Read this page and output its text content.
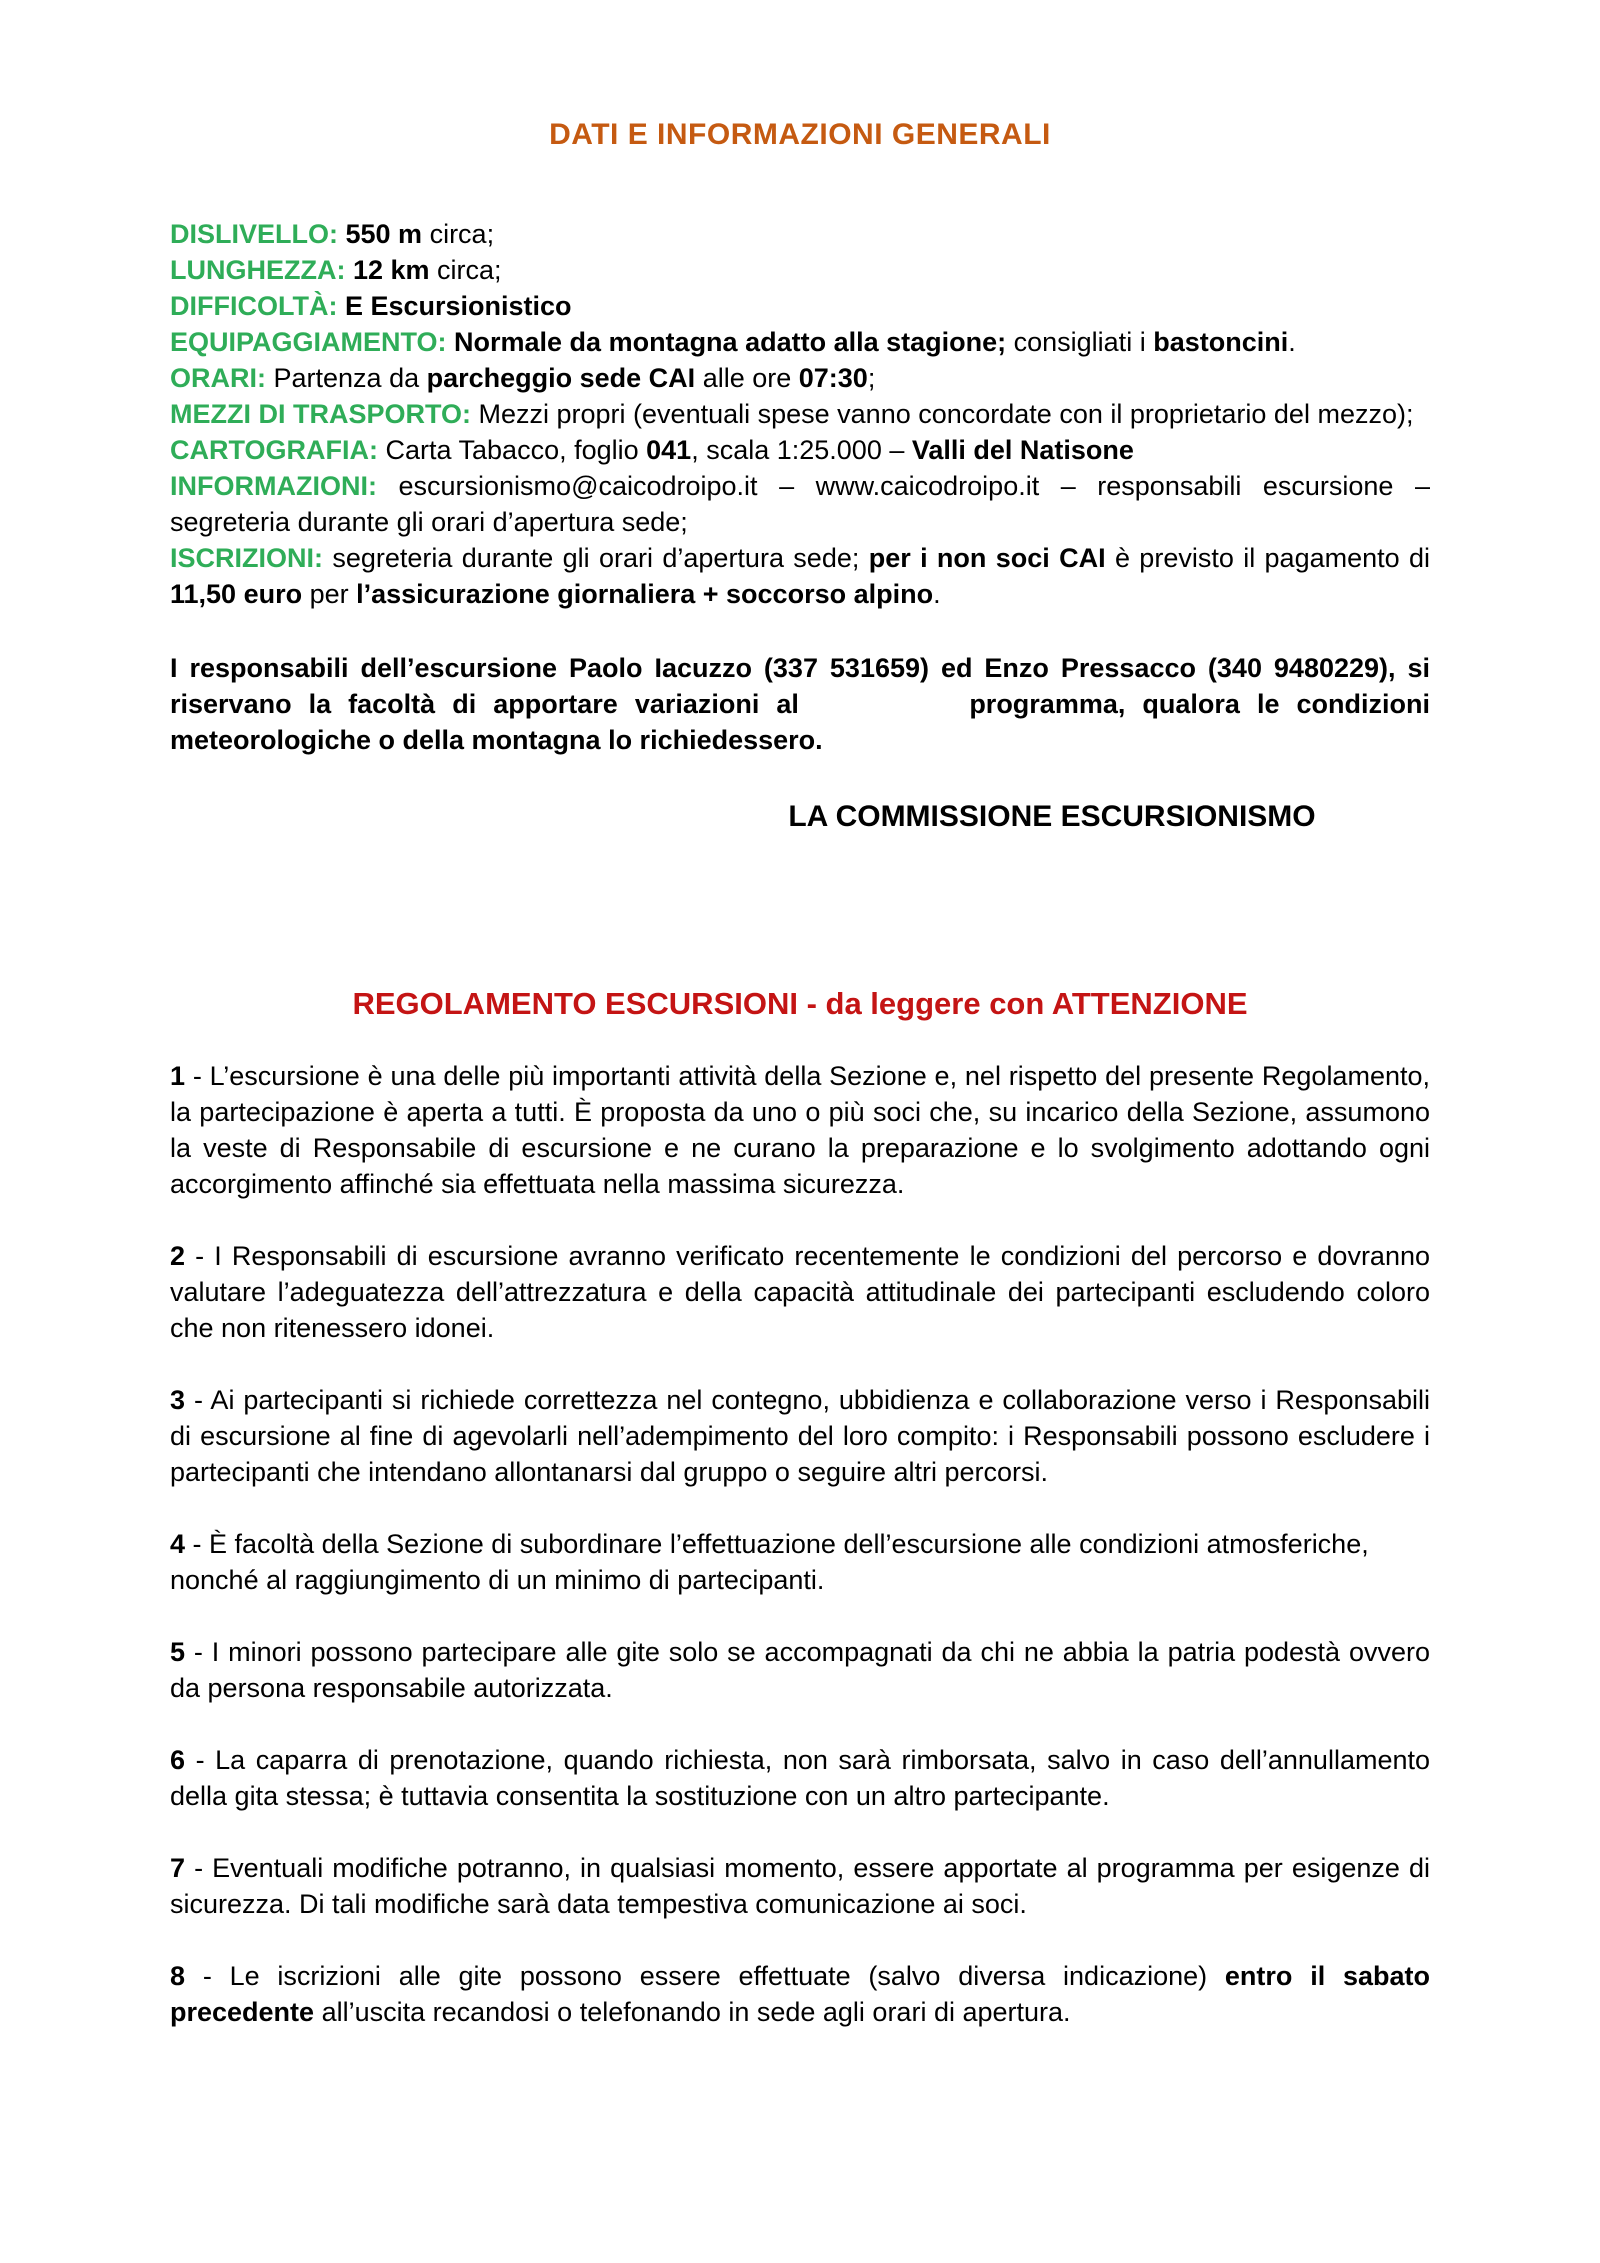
DATI E INFORMAZIONI GENERALI

DISLIVELLO: 550 m circa;

LUNGHEZZA: 12 km circa;

DIFFICOLTÀ: E Escursionistico

EQUIPAGGIAMENTO: Normale da montagna adatto alla stagione; consigliati i bastoncini.

ORARI: Partenza da parcheggio sede CAI alle ore 07:30;

MEZZI DI TRASPORTO: Mezzi propri (eventuali spese vanno concordate con il proprietario del mezzo);

CARTOGRAFIA: Carta Tabacco, foglio 041, scala 1:25.000 – Valli del Natisone

INFORMAZIONI: escursionismo@caicodroipo.it – www.caicodroipo.it – responsabili escursione – segreteria durante gli orari d’apertura sede;

ISCRIZIONI: segreteria durante gli orari d’apertura sede; per i non soci CAI è previsto il pagamento di 11,50 euro per l’assicurazione giornaliera + soccorso alpino.

I responsabili dell’escursione Paolo Iacuzzo (337 531659) ed Enzo Pressacco (340 9480229), si riservano la facoltà di apportare variazioni al          programma, qualora le condizioni meteorologiche o della montagna lo richiedessero.

LA COMMISSIONE ESCURSIONISMO

REGOLAMENTO ESCURSIONI - da leggere con ATTENZIONE

1 - L’escursione è una delle più importanti attività della Sezione e, nel rispetto del presente Regolamento, la partecipazione è aperta a tutti. È proposta da uno o più soci che, su incarico della Sezione, assumono la veste di Responsabile di escursione e ne curano la preparazione e lo svolgimento adottando ogni accorgimento affinché sia effettuata nella massima sicurezza.

2 - I Responsabili di escursione avranno verificato recentemente le condizioni del percorso e dovranno valutare l’adeguatezza dell’attrezzatura e della capacità attitudinale dei partecipanti escludendo coloro che non ritenessero idonei.

3 - Ai partecipanti si richiede correttezza nel contegno, ubbidienza e collaborazione verso i Responsabili di escursione al fine di agevolarli nell’adempimento del loro compito: i Responsabili possono escludere i partecipanti che intendano allontanarsi dal gruppo o seguire altri percorsi.

4 - È facoltà della Sezione di subordinare l’effettuazione dell’escursione alle condizioni atmosferiche,
nonché al raggiungimento di un minimo di partecipanti.

5 - I minori possono partecipare alle gite solo se accompagnati da chi ne abbia la patria podestà ovvero da persona responsabile autorizzata.

6 - La caparra di prenotazione, quando richiesta, non sarà rimborsata, salvo in caso dell’annullamento della gita stessa; è tuttavia consentita la sostituzione con un altro partecipante.

7 - Eventuali modifiche potranno, in qualsiasi momento, essere apportate al programma per esigenze di sicurezza. Di tali modifiche sarà data tempestiva comunicazione ai soci.

8 - Le iscrizioni alle gite possono essere effettuate (salvo diversa indicazione) entro il sabato precedente all’uscita recandosi o telefonando in sede agli orari di apertura.
